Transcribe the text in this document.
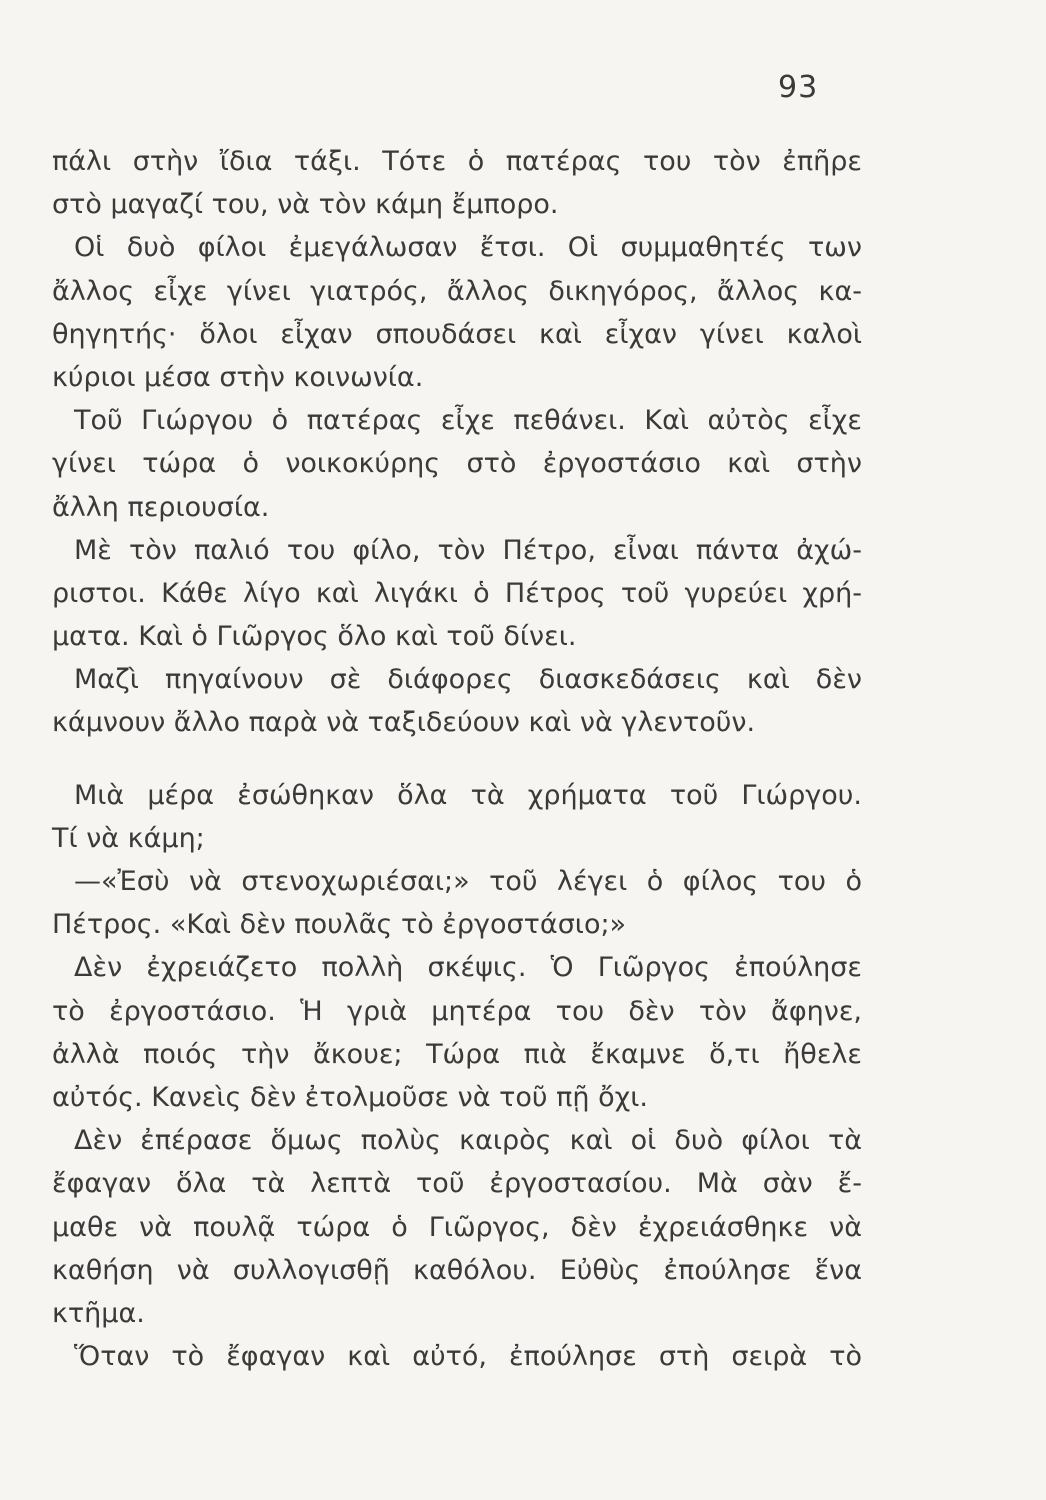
93
πάλι στὴν ἴδια τάξι. Τότε ὁ πατέρας του τὸν ἐπῆρε
στὸ μαγαζί του, νὰ τὸν κάμη ἔμπορο.
Οἱ δυὸ φίλοι ἐμεγάλωσαν ἔτσι. Οἱ συμμαθητές των
ἄλλος εἶχε γίνει γιατρός, ἄλλος δικηγόρος, ἄλλος κα-
θηγητής· ὅλοι εἶχαν σπουδάσει καὶ εἶχαν γίνει καλοὶ
κύριοι μέσα στὴν κοινωνία.
Τοῦ Γιώργου ὁ πατέρας εἶχε πεθάνει. Καὶ αὐτὸς εἶχε
γίνει τώρα ὁ νοικοκύρης στὸ ἐργοστάσιο καὶ στὴν
ἄλλη περιουσία.
Μὲ τὸν παλιό του φίλο, τὸν Πέτρο, εἶναι πάντα ἀχώ-
ριστοι. Κάθε λίγο καὶ λιγάκι ὁ Πέτρος τοῦ γυρεύει χρή-
ματα. Καὶ ὁ Γιῶργος ὅλο καὶ τοῦ δίνει.
Μαζὶ πηγαίνουν σὲ διάφορες διασκεδάσεις καὶ δὲν
κάμνουν ἄλλο παρὰ νὰ ταξιδεύουν καὶ νὰ γλεντοῦν.
Μιὰ μέρα ἐσώθηκαν ὅλα τὰ χρήματα τοῦ Γιώργου.
Τί νὰ κάμη;
—«Ἐσὺ νὰ στενοχωριέσαι;» τοῦ λέγει ὁ φίλος του ὁ
Πέτρος. «Καὶ δὲν πουλᾶς τὸ ἐργοστάσιο;»
Δὲν ἐχρειάζετο πολλὴ σκέψις. Ὁ Γιῶργος ἐπούλησε
τὸ ἐργοστάσιο. Ἡ γριὰ μητέρα του δὲν τὸν ἄφηνε,
ἀλλὰ ποιός τὴν ἄκουε; Τώρα πιὰ ἔκαμνε ὅ,τι ἤθελε
αὐτός. Κανεὶς δὲν ἐτολμοῦσε νὰ τοῦ πῇ ὄχι.
Δὲν ἐπέρασε ὅμως πολὺς καιρὸς καὶ οἱ δυὸ φίλοι τὰ
ἔφαγαν ὅλα τὰ λεπτὰ τοῦ ἐργοστασίου. Μὰ σὰν ἔ-
μαθε νὰ πουλᾷ τώρα ὁ Γιῶργος, δὲν ἐχρειάσθηκε νὰ
καθήση νὰ συλλογισθῇ καθόλου. Εὐθὺς ἐπούλησε ἕνα
κτῆμα.
Ὅταν τὸ ἔφαγαν καὶ αὐτό, ἐπούλησε στὴ σειρὰ τὸ
